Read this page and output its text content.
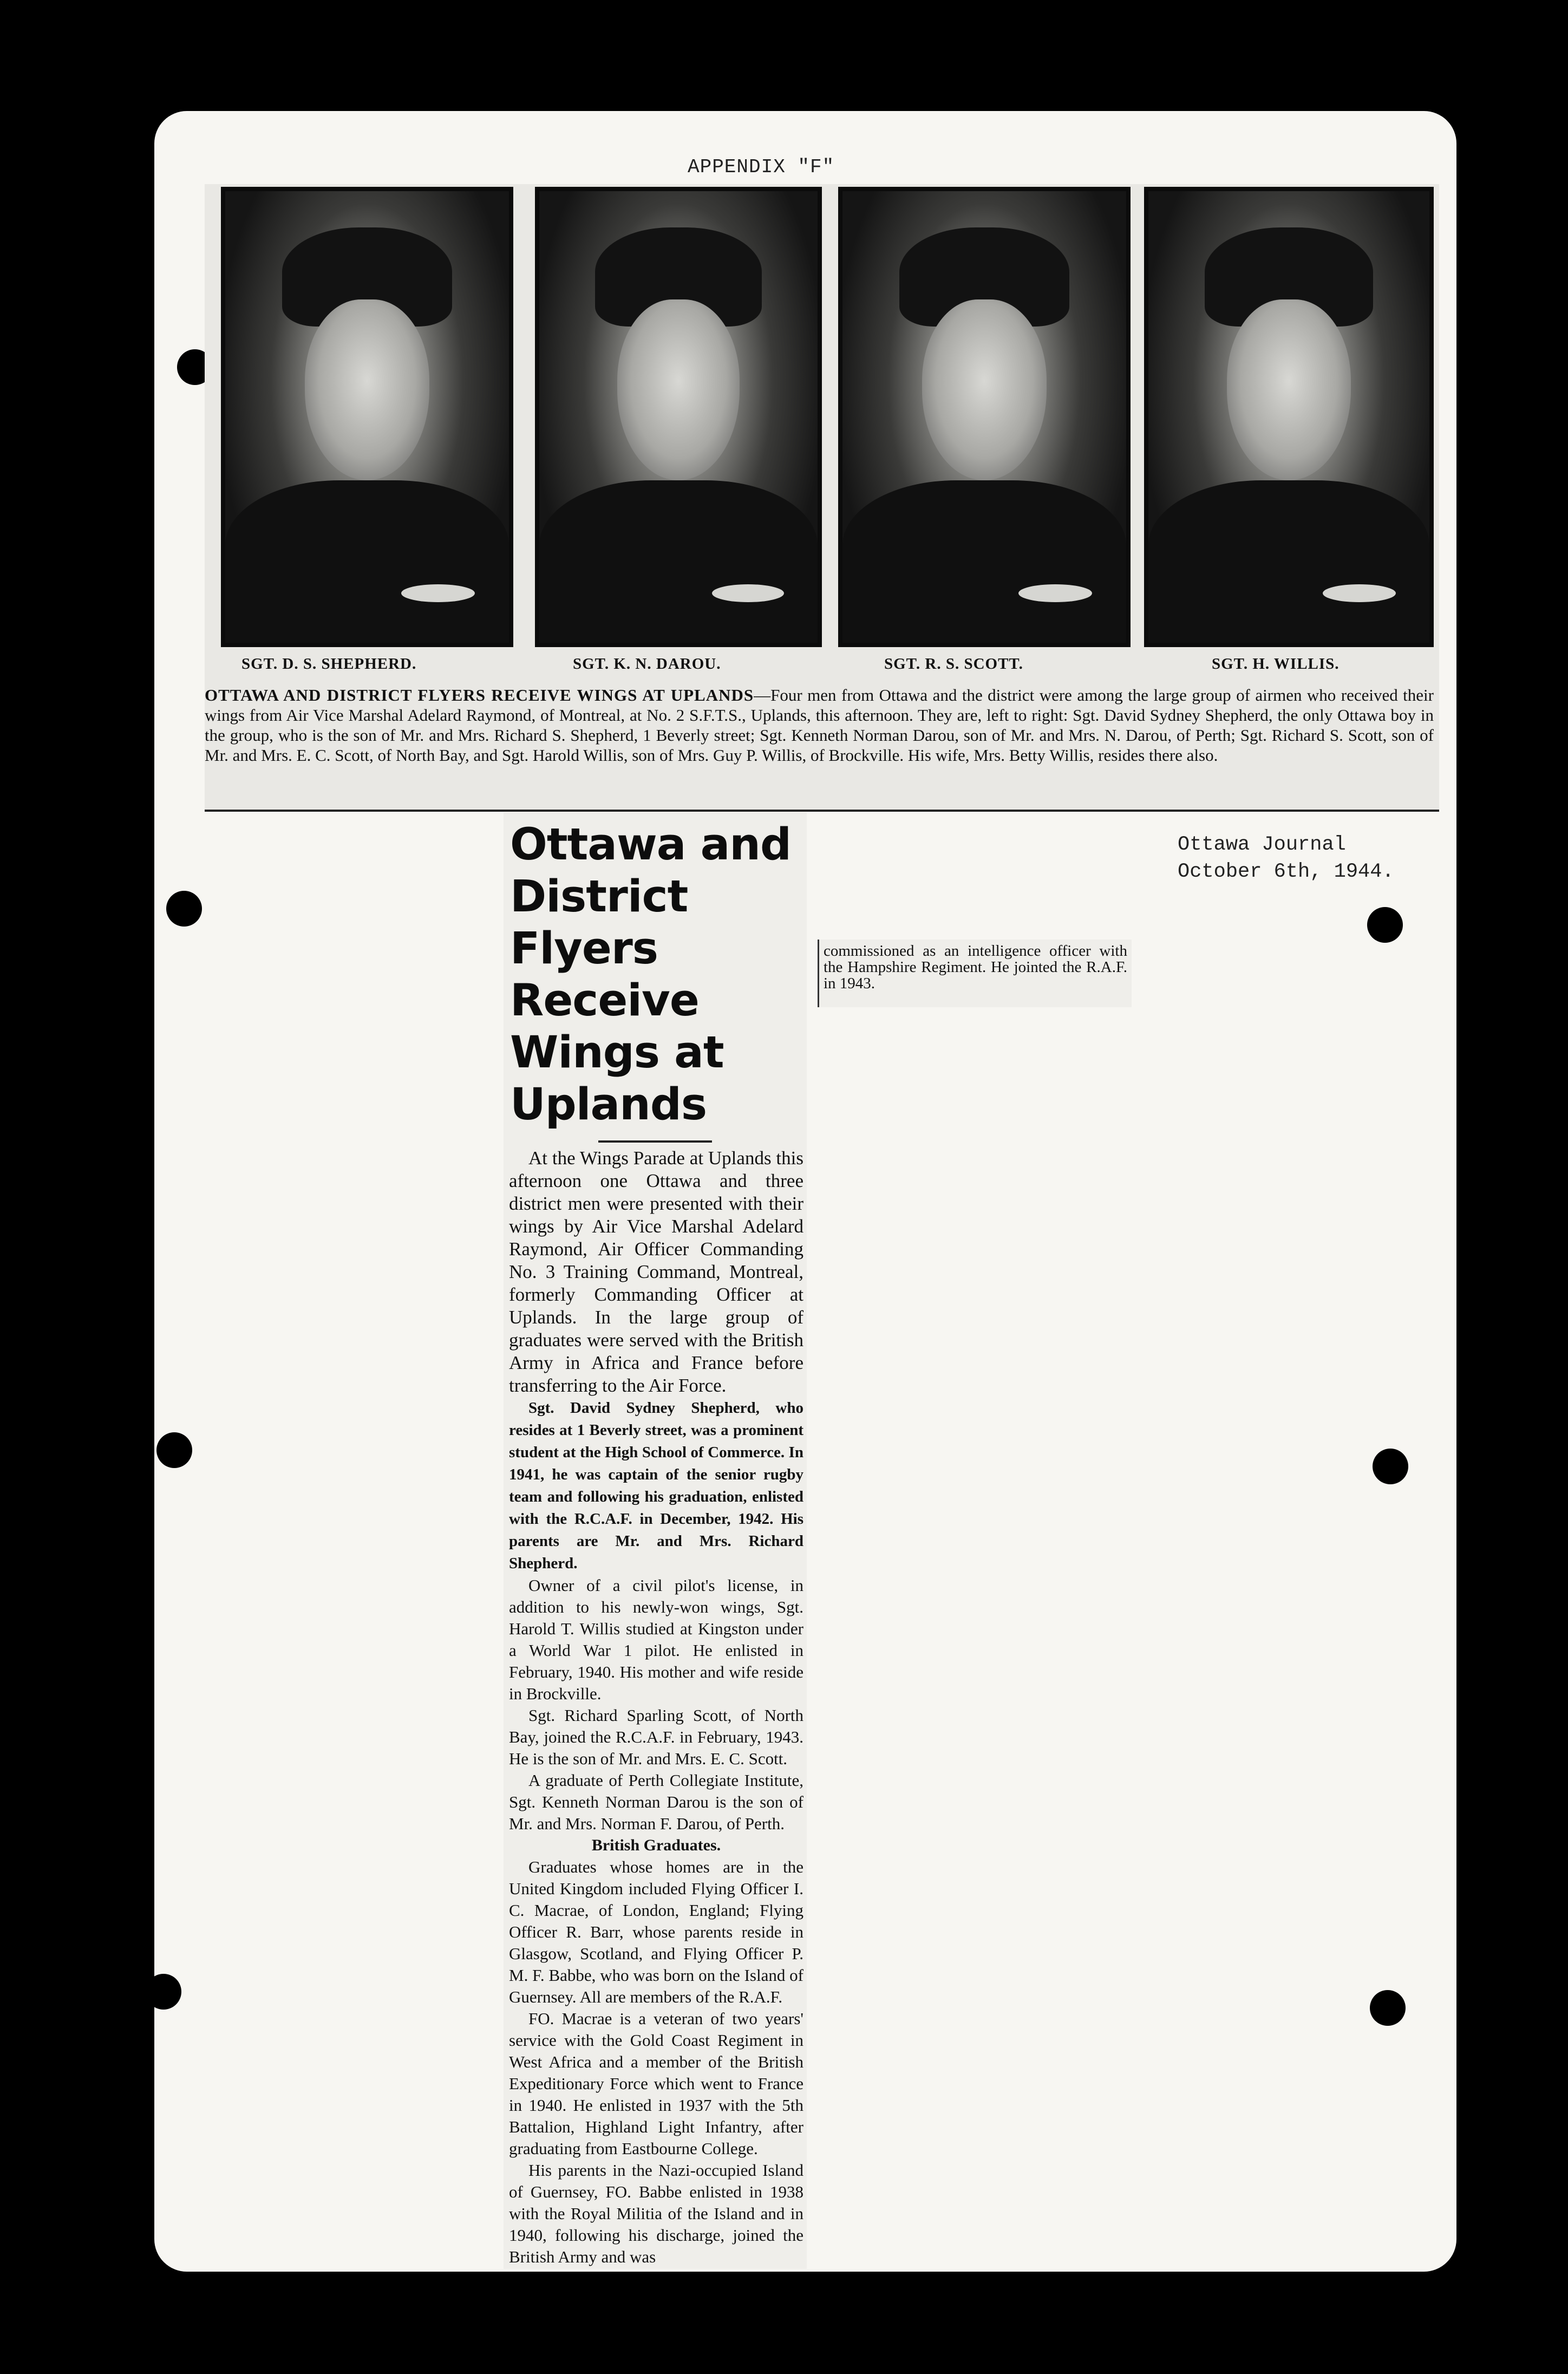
APPENDIX "F"
SGT. D. S. SHEPHERD.	SGT. K. N. DAROU.	SGT. R. S. SCOTT.	SGT. H. WILLIS.
OTTAWA AND DISTRICT FLYERS RECEIVE WINGS AT UPLANDS—Four men from Ottawa and the district were among the large group of airmen who received their wings from Air Vice Marshal Adelard Raymond, of Montreal, at No. 2 S.F.T.S., Uplands, this afternoon. They are, left to right: Sgt. David Sydney Shepherd, the only Ottawa boy in the group, who is the son of Mr. and Mrs. Richard S. Shepherd, 1 Beverly street; Sgt. Kenneth Norman Darou, son of Mr. and Mrs. N. Darou, of Perth; Sgt. Richard S. Scott, son of Mr. and Mrs. E. C. Scott, of North Bay, and Sgt. Harold Willis, son of Mrs. Guy P. Willis, of Brockville. His wife, Mrs. Betty Willis, resides there also.
Ottawa and District Flyers Receive Wings at Uplands

At the Wings Parade at Uplands this afternoon one Ottawa and three district men were presented with their wings by Air Vice Marshal Adelard Raymond, Air Officer Commanding No. 3 Training Command, Montreal, formerly Commanding Officer at Uplands. In the large group of graduates were served with the British Army in Africa and France before transferring to the Air Force.

Sgt. David Sydney Shepherd, who resides at 1 Beverly street, was a prominent student at the High School of Commerce. In 1941, he was captain of the senior rugby team and following his graduation, enlisted with the R.C.A.F. in December, 1942. His parents are Mr. and Mrs. Richard Shepherd.

Owner of a civil pilot's license, in addition to his newly-won wings, Sgt. Harold T. Willis studied at Kingston under a World War 1 pilot. He enlisted in February, 1940. His mother and wife reside in Brockville.

Sgt. Richard Sparling Scott, of North Bay, joined the R.C.A.F. in February, 1943. He is the son of Mr. and Mrs. E. C. Scott.

A graduate of Perth Collegiate Institute, Sgt. Kenneth Norman Darou is the son of Mr. and Mrs. Norman F. Darou, of Perth.

British Graduates.

Graduates whose homes are in the United Kingdom included Flying Officer I. C. Macrae, of London, England; Flying Officer R. Barr, whose parents reside in Glasgow, Scotland, and Flying Officer P. M. F. Babbe, who was born on the Island of Guernsey. All are members of the R.A.F.

FO. Macrae is a veteran of two years' service with the Gold Coast Regiment in West Africa and a member of the British Expeditionary Force which went to France in 1940. He enlisted in 1937 with the 5th Battalion, Highland Light Infantry, after graduating from Eastbourne College.

His parents in the Nazi-occupied Island of Guernsey, FO. Babbe enlisted in 1938 with the Royal Militia of the Island and in 1940, following his discharge, joined the British Army and was

commissioned as an intelligence officer with the Hampshire Regiment. He jointed the R.A.F. in 1943.
Ottawa Journal
October 6th, 1944.
